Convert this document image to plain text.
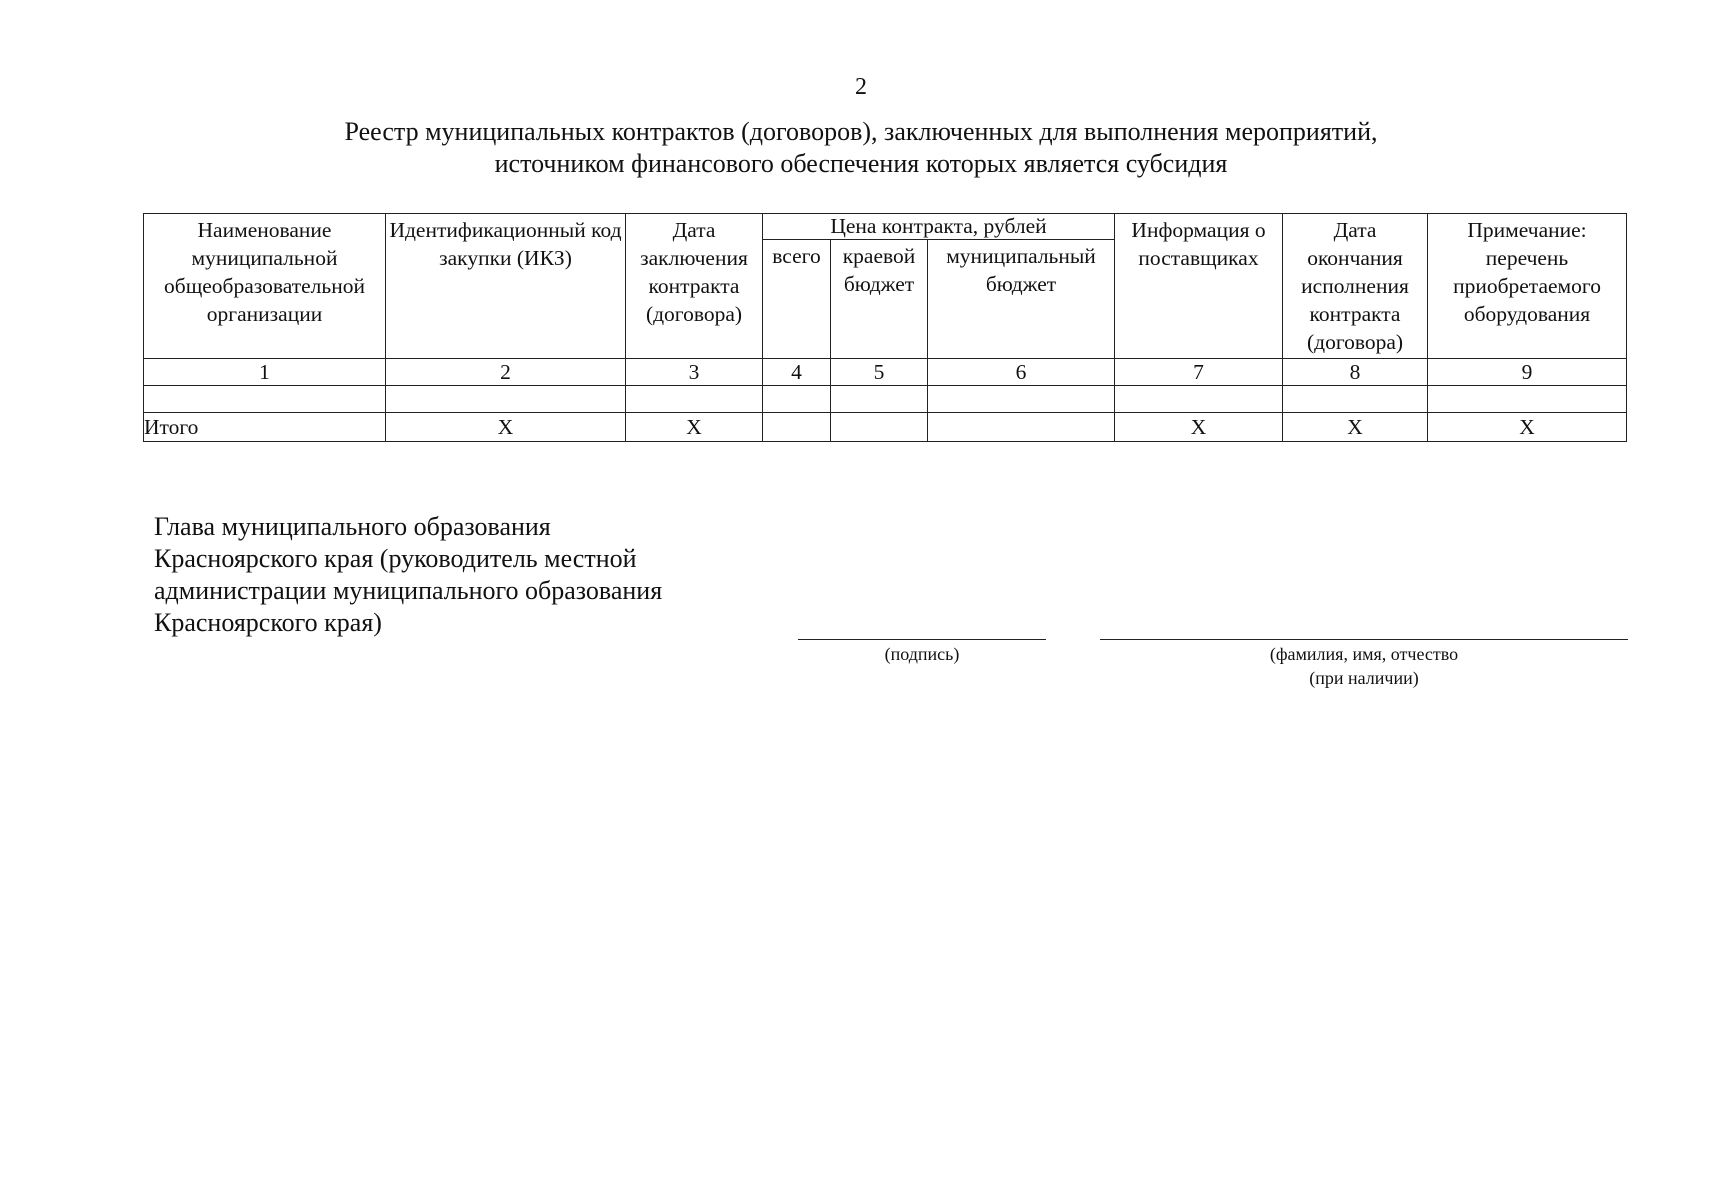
2
Реестр муниципальных контрактов (договоров), заключенных для выполнения мероприятий,
источником финансового обеспечения которых является субсидия
Наименование муниципальной общеобразовательной организации	Идентификационный код закупки (ИКЗ)	Дата заключения контракта (договора)	Цена контракта, рублей			Информация о поставщиках	Дата окончания исполнения контракта (договора)	Примечание: перечень приобретаемого оборудования
			всего	краевой бюджет	муниципальный бюджет			
1	2	3	4	5	6	7	8	9

Итого	Х	Х				Х	Х	Х
Глава муниципального образования
Красноярского края (руководитель местной
администрации муниципального образования
Красноярского края)
(подпись)	(фамилия, имя, отчество
(при наличии)
